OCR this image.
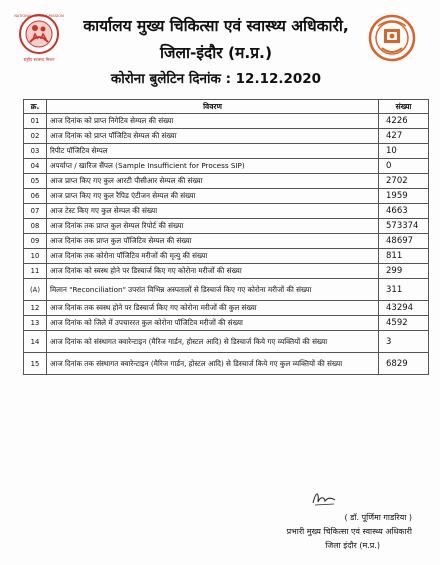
NATIONAL HEALTH MISSION
राष्ट्रीय स्वास्थ्य मिशन
कार्यालय मुख्य चिकित्सा एवं स्वास्थ्य अधिकारी,
जिला-इंदौर (म.प्र.)
कोरोना बुलेटिन दिनांक : 12.12.2020
क्र.	विवरण	संख्या
01	आज दिनांक को प्राप्त निगेटिव सेम्पल की संख्या	4226
02	आज दिनांक को प्राप्त पॉजिटिव सेम्पल की संख्या	427
03	रिपीट पॉजिटिव सेम्पल	10
04	अपर्याप्त / खारिज सैंपल (Sample Insufficient for Process SIP)	0
05	आज प्राप्त किए गए कुल आरटी पीसीआर सेम्पल की संख्या	2702
06	आज प्राप्त किए गए कुल रैपिड एंटीजन सेम्पल की संख्या	1959
07	आज टेस्ट किए गए कुल सेम्पल की संख्या	4663
08	आज दिनांक तक प्राप्त कुल सेम्पल रिपोर्ट की संख्या	573374
09	आज दिनांक तक प्राप्त कुल पॉजिटिव सेम्पल की संख्या	48697
10	आज दिनांक तक कोरोना पॉजिटिव मरीजों की मृत्यु की संख्या	811
11	आज दिनांक को स्वस्थ होने पर डिस्चार्ज किए गए कोरोना मरीजों की संख्या	299
(A)	मिलान "Reconciliation" उपरांत विभिन्न अस्पतालों से डिस्चार्ज किए गए कोरोना मरीजों की संख्या	311
12	आज दिनांक तक स्वस्थ होने पर डिस्चार्ज किए गए कोरोना मरीजों की कुल संख्या	43294
13	आज दिनांक को जिले में उपचाररत कुल कोरोना पॉजिटिव मरीजों की संख्या	4592
14	आज दिनांक को संस्थागत क्वारेन्टाइन (मैरिज गार्डन, होस्टल आदि) से डिस्चार्ज किये गए व्यक्तियों की संख्या	3
15	आज दिनांक तक संस्थागत क्वारेन्टाइन (मैरिज गार्डन, होस्टल आदि) से डिस्चार्ज किये गए कुल व्यक्तियों की संख्या	6829
( डॉ. पूर्णिमा गाडरिया )
प्रभारी मुख्य चिकित्सा एवं स्वास्थ्य अधिकारी
जिला इंदौर (म.प्र.)
